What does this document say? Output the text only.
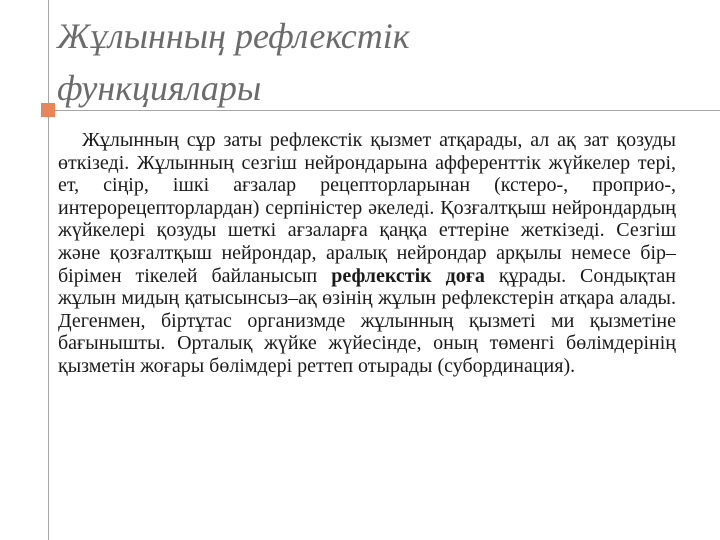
Жұлынның рефлекстік
функциялары

Жұлынның сұр заты рефлекстік қызмет атқарады, ал ақ зат қозуды өткізеді. Жұлынның сезгіш нейрондарына афференттік жүйкелер тері, ет, сіңір, ішкі ағзалар рецепторларынан (кстеро-, проприо-, интерорецепторлардан) серпіністер әкеледі. Қозғалтқыш нейрондардың жүйкелері қозуды шеткі ағзаларға қаңқа еттеріне жеткізеді. Сезгіш және қозғалтқыш нейрондар, аралық нейрондар арқылы немесе бір–бірімен тікелей байланысып рефлекстік доға құрады. Сондықтан жұлын мидың қатысынсыз–ақ өзінің жұлын рефлекстерін атқара алады. Дегенмен, біртұтас организмде жұлынның қызметі ми қызметіне бағынышты. Орталық жүйке жүйесінде, оның төменгі бөлімдерінің қызметін жоғары бөлімдері реттеп отырады (субординация).
